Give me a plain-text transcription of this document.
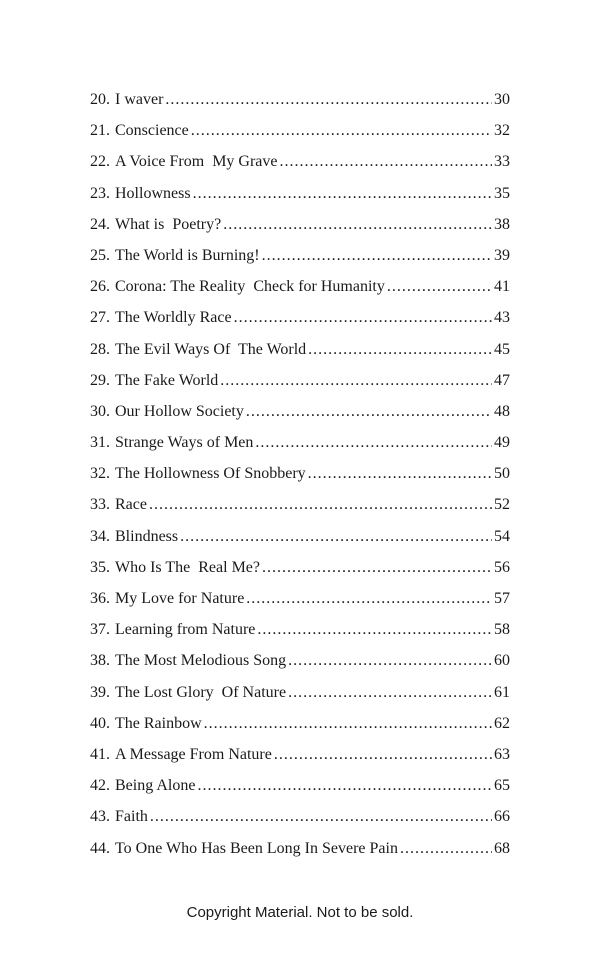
20. I waver .....	30
21. Conscience .....	32
22. A Voice From  My Grave .....	33
23. Hollowness .....	35
24. What is  Poetry? .....	38
25. The World is Burning! .....	39
26. Corona: The Reality  Check for Humanity .....	41
27. The Worldly Race .....	43
28. The Evil Ways Of  The World .....	45
29. The Fake World .....	47
30. Our Hollow Society .....	48
31. Strange Ways of Men .....	49
32. The Hollowness Of Snobbery .....	50
33. Race .....	52
34. Blindness .....	54
35. Who Is The  Real Me? .....	56
36. My Love for Nature .....	57
37. Learning from Nature .....	58
38. The Most Melodious Song .....	60
39. The Lost Glory  Of Nature .....	61
40. The Rainbow .....	62
41. A Message From Nature .....	63
42. Being Alone .....	65
43. Faith .....	66
44. To One Who Has Been Long In Severe Pain .....	68
Copyright Material. Not to be sold.
